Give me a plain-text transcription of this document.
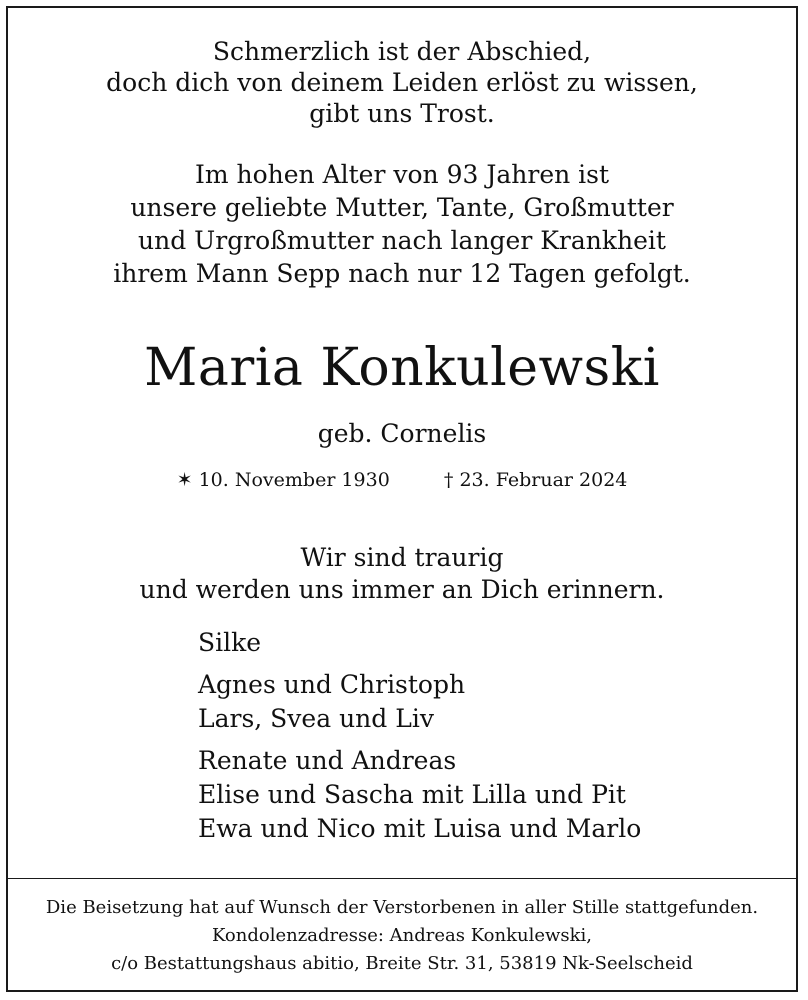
Schmerzlich ist der Abschied,
doch dich von deinem Leiden erlöst zu wissen,
gibt uns Trost.
Im hohen Alter von 93 Jahren ist
unsere geliebte Mutter, Tante, Großmutter
und Urgroßmutter nach langer Krankheit
ihrem Mann Sepp nach nur 12 Tagen gefolgt.
Maria Konkulewski
geb. Cornelis
✶ 10. November 1930	† 23. Februar 2024
Wir sind traurig
und werden uns immer an Dich erinnern.
Silke
Agnes und Christoph
Lars, Svea und Liv
Renate und Andreas
Elise und Sascha mit Lilla und Pit
Ewa und Nico mit Luisa und Marlo
Die Beisetzung hat auf Wunsch der Verstorbenen in aller Stille stattgefunden.
Kondolenzadresse: Andreas Konkulewski,
c/o Bestattungshaus abitio, Breite Str. 31, 53819 Nk-Seelscheid
